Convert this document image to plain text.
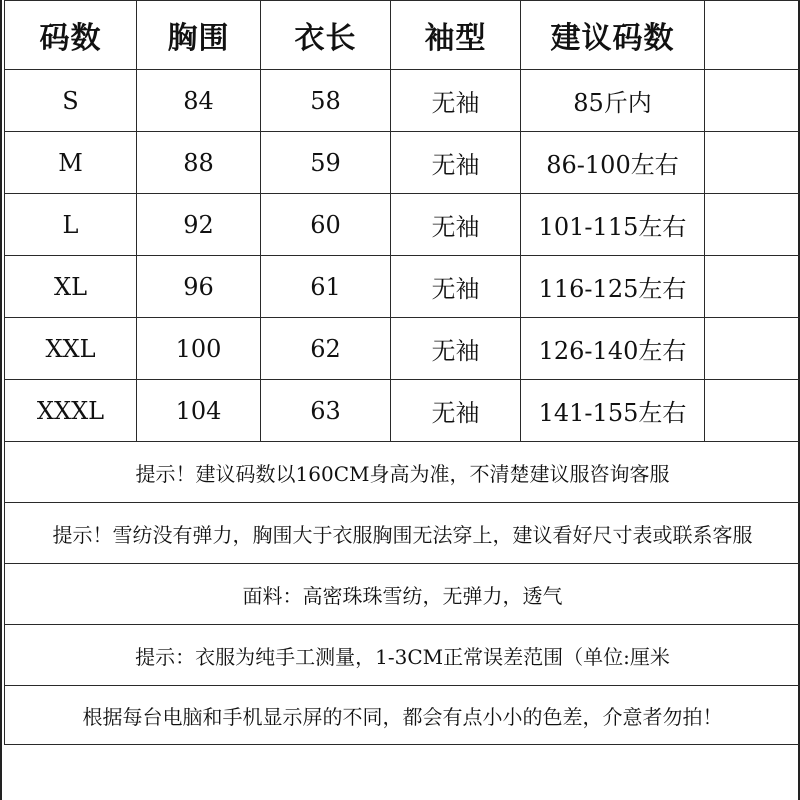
码数	胸围	衣长	袖型	建议码数	
S	84	58	无袖	85斤内	
M	88	59	无袖	86-100左右	
L	92	60	无袖	101-115左右	
XL	96	61	无袖	116-125左右	
XXL	100	62	无袖	126-140左右	
XXXL	104	63	无袖	141-155左右	
提示！建议码数以160CM身高为准，不清楚建议服咨询客服					
提示！雪纺没有弹力，胸围大于衣服胸围无法穿上，建议看好尺寸表或联系客服					
面料：高密珠珠雪纺，无弹力，透气					
提示：衣服为纯手工测量，1-3CM正常误差范围（单位:厘米					
根据每台电脑和手机显示屏的不同，都会有点小小的色差，介意者勿拍！					
